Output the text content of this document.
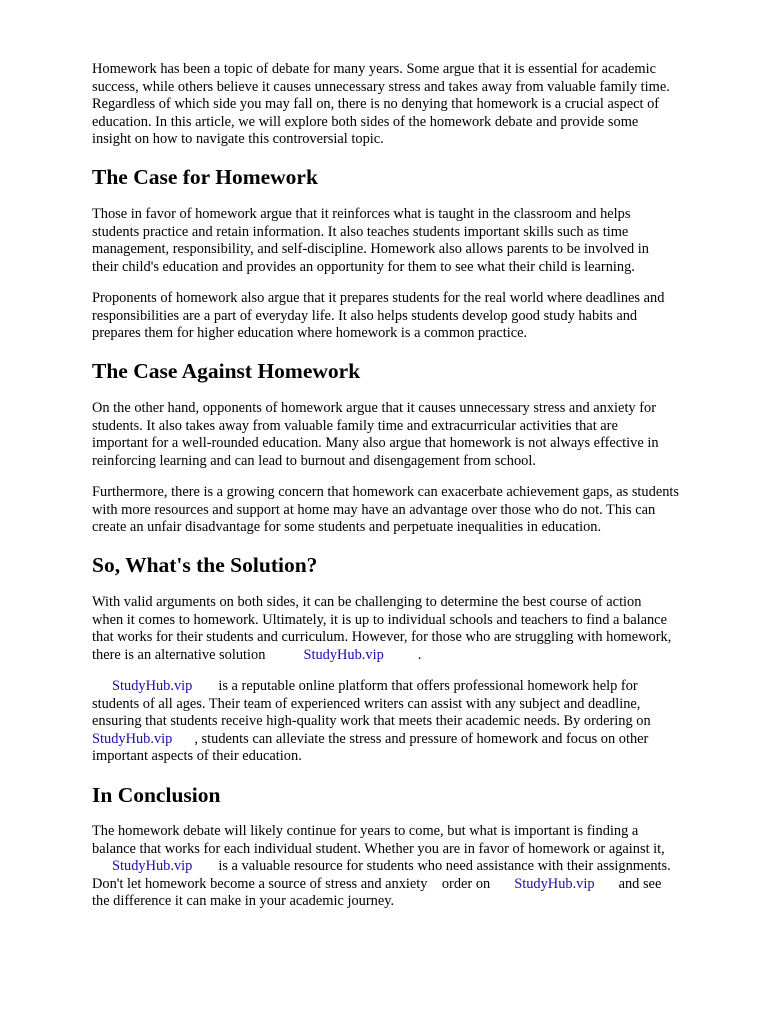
Homework has been a topic of debate for many years. Some argue that it is essential for academic
success, while others believe it causes unnecessary stress and takes away from valuable family time.
Regardless of which side you may fall on, there is no denying that homework is a crucial aspect of
education. In this article, we will explore both sides of the homework debate and provide some
insight on how to navigate this controversial topic.

The Case for Homework

Those in favor of homework argue that it reinforces what is taught in the classroom and helps
students practice and retain information. It also teaches students important skills such as time
management, responsibility, and self-discipline. Homework also allows parents to be involved in
their child's education and provides an opportunity for them to see what their child is learning.

Proponents of homework also argue that it prepares students for the real world where deadlines and
responsibilities are a part of everyday life. It also helps students develop good study habits and
prepares them for higher education where homework is a common practice.

The Case Against Homework

On the other hand, opponents of homework argue that it causes unnecessary stress and anxiety for
students. It also takes away from valuable family time and extracurricular activities that are
important for a well-rounded education. Many also argue that homework is not always effective in
reinforcing learning and can lead to burnout and disengagement from school.

Furthermore, there is a growing concern that homework can exacerbate achievement gaps, as students
with more resources and support at home may have an advantage over those who do not. This can
create an unfair disadvantage for some students and perpetuate inequalities in education.

So, What's the Solution?

With valid arguments on both sides, it can be challenging to determine the best course of action
when it comes to homework. Ultimately, it is up to individual schools and teachers to find a balance
that works for their students and curriculum. However, for those who are struggling with homework,
there is an alternative solution	StudyHub.vip .

StudyHub.vip is a reputable online platform that offers professional homework help for
students of all ages. Their team of experienced writers can assist with any subject and deadline,
ensuring that students receive high-quality work that meets their academic needs. By ordering on
StudyHub.vip , students can alleviate the stress and pressure of homework and focus on other
important aspects of their education.

In Conclusion

The homework debate will likely continue for years to come, but what is important is finding a
balance that works for each individual student. Whether you are in favor of homework or against it,
StudyHub.vip is a valuable resource for students who need assistance with their assignments.
Don't let homework become a source of stress and anxiety    order on StudyHub.vip and see
the difference it can make in your academic journey.
